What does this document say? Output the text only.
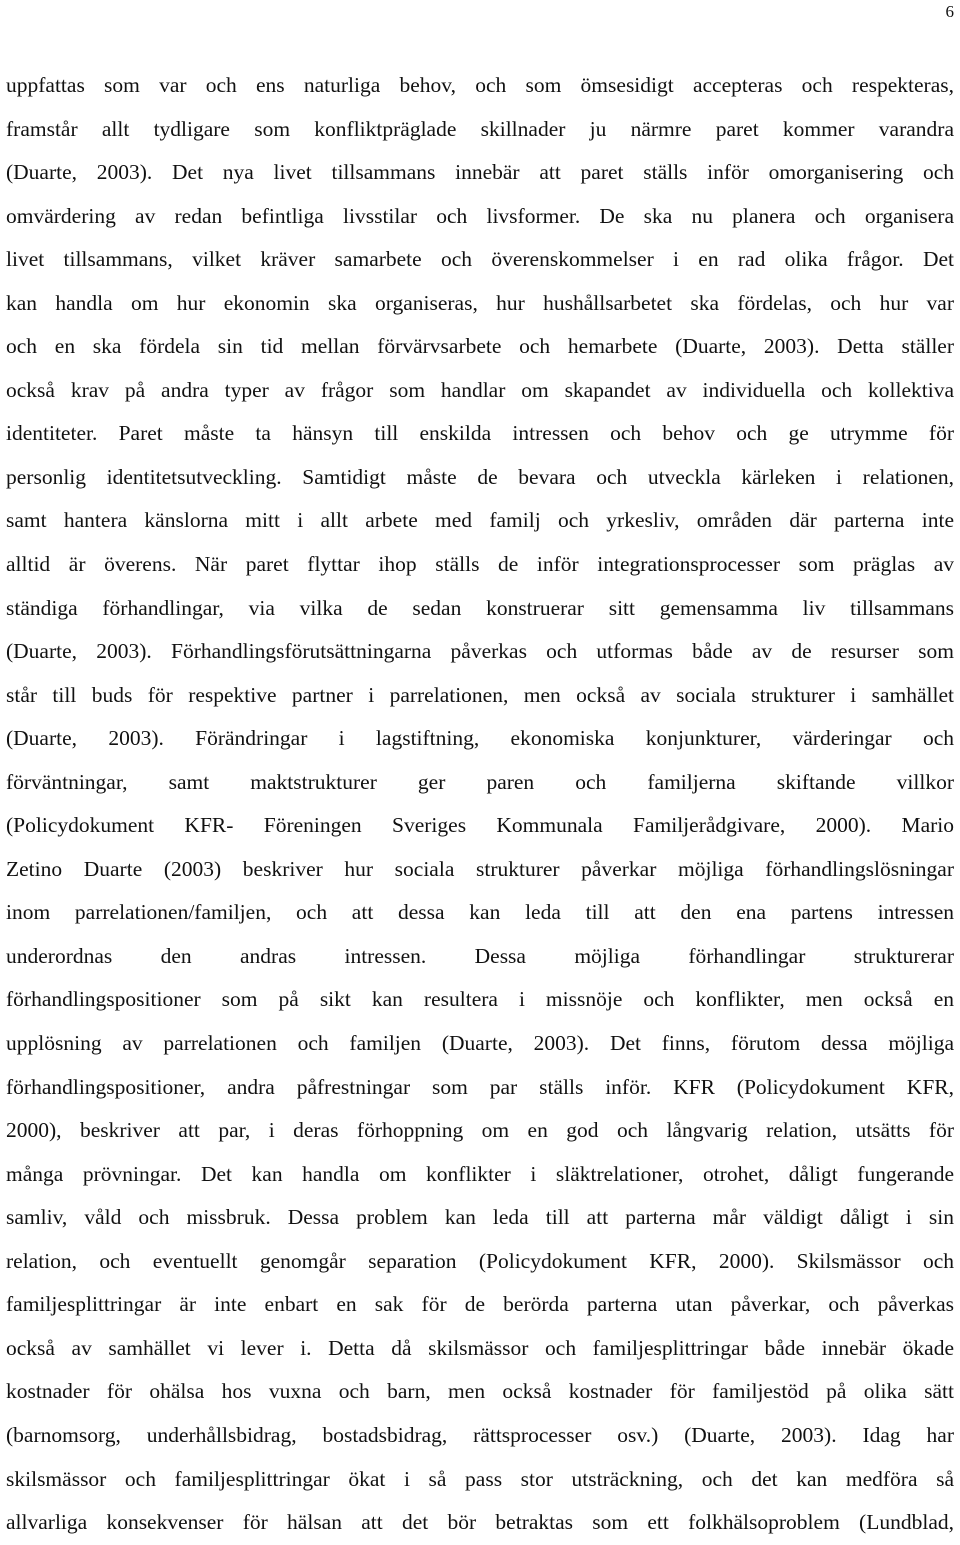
6
uppfattas som var och ens naturliga behov, och som ömsesidigt accepteras och respekteras,
framstår allt tydligare som konfliktpräglade skillnader ju närmre paret kommer varandra
(Duarte, 2003). Det nya livet tillsammans innebär att paret ställs inför omorganisering och
omvärdering av redan befintliga livsstilar och livsformer. De ska nu planera och organisera
livet tillsammans, vilket kräver samarbete och överenskommelser i en rad olika frågor. Det
kan handla om hur ekonomin ska organiseras, hur hushållsarbetet ska fördelas, och hur var
och en ska fördela sin tid mellan förvärvsarbete och hemarbete (Duarte, 2003). Detta ställer
också krav på andra typer av frågor som handlar om skapandet av individuella och kollektiva
identiteter. Paret måste ta hänsyn till enskilda intressen och behov och ge utrymme för
personlig identitetsutveckling. Samtidigt måste de bevara och utveckla kärleken i relationen,
samt hantera känslorna mitt i allt arbete med familj och yrkesliv, områden där parterna inte
alltid är överens. När paret flyttar ihop ställs de inför integrationsprocesser som präglas av
ständiga förhandlingar, via vilka de sedan konstruerar sitt gemensamma liv tillsammans
(Duarte, 2003). Förhandlingsförutsättningarna påverkas och utformas både av de resurser som
står till buds för respektive partner i parrelationen, men också av sociala strukturer i samhället
(Duarte, 2003). Förändringar i lagstiftning, ekonomiska konjunkturer, värderingar och
förväntningar, samt maktstrukturer ger paren och familjerna skiftande villkor
(Policydokument KFR- Föreningen Sveriges Kommunala Familjerådgivare, 2000). Mario
Zetino Duarte (2003) beskriver hur sociala strukturer påverkar möjliga förhandlingslösningar
inom parrelationen/familjen, och att dessa kan leda till att den ena partens intressen
underordnas den andras intressen. Dessa möjliga förhandlingar strukturerar
förhandlingspositioner som på sikt kan resultera i missnöje och konflikter, men också en
upplösning av parrelationen och familjen (Duarte, 2003). Det finns, förutom dessa möjliga
förhandlingspositioner, andra påfrestningar som par ställs inför. KFR (Policydokument KFR,
2000), beskriver att par, i deras förhoppning om en god och långvarig relation, utsätts för
många prövningar. Det kan handla om konflikter i släktrelationer, otrohet, dåligt fungerande
samliv, våld och missbruk. Dessa problem kan leda till att parterna mår väldigt dåligt i sin
relation, och eventuellt genomgår separation (Policydokument KFR, 2000). Skilsmässor och
familjesplittringar är inte enbart en sak för de berörda parterna utan påverkar, och påverkas
också av samhället vi lever i. Detta då skilsmässor och familjesplittringar både innebär ökade
kostnader för ohälsa hos vuxna och barn, men också kostnader för familjestöd på olika sätt
(barnomsorg, underhållsbidrag, bostadsbidrag, rättsprocesser osv.) (Duarte, 2003). Idag har
skilsmässor och familjesplittringar ökat i så pass stor utsträckning, och det kan medföra så
allvarliga konsekvenser för hälsan att det bör betraktas som ett folkhälsoproblem (Lundblad,
